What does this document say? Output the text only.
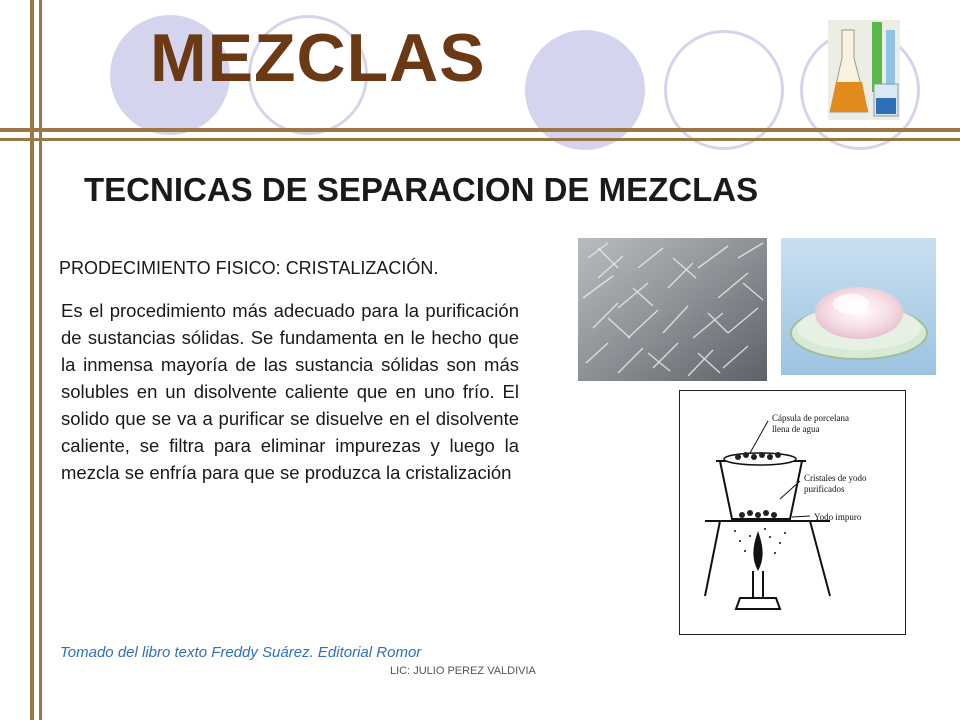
MEZCLAS
TECNICAS DE SEPARACION DE MEZCLAS

PRODECIMIENTO FISICO: CRISTALIZACIÓN.

Es el procedimiento más adecuado para la purificación de sustancias sólidas. Se fundamenta en le hecho que la inmensa mayoría de las sustancia sólidas son más solubles en un disolvente caliente que en uno frío. El solido que se va a purificar se disuelve en el disolvente caliente, se filtra para eliminar impurezas y luego la mezcla se enfría para que se produzca la cristalización

Cápsula de porcelana
llena de agua
Cristales de yodo
purificados
Yodo impuro

Tomado del libro texto Freddy Suárez. Editorial Romor

LIC: JULIO PEREZ VALDIVIA
